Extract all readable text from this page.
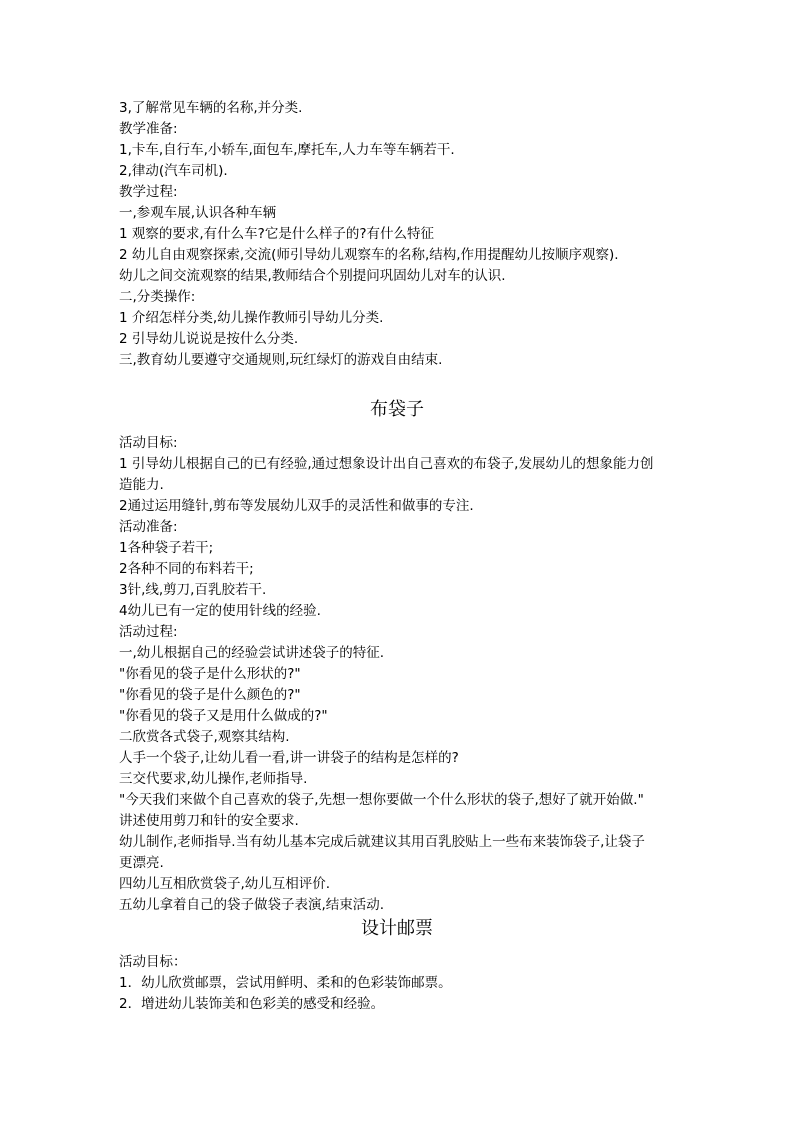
3,了解常见车辆的名称,并分类.
教学准备:
1,卡车,自行车,小轿车,面包车,摩托车,人力车等车辆若干.
2,律动(汽车司机).
教学过程:
一,参观车展,认识各种车辆
1 观察的要求,有什么车?它是什么样子的?有什么特征
2 幼儿自由观察探索,交流(师引导幼儿观察车的名称,结构,作用提醒幼儿按顺序观察).
幼儿之间交流观察的结果,教师结合个别提问巩固幼儿对车的认识.
二,分类操作:
1 介绍怎样分类,幼儿操作教师引导幼儿分类.
2 引导幼儿说说是按什么分类.
三,教育幼儿要遵守交通规则,玩红绿灯的游戏自由结束.
布袋子
活动目标:
1 引导幼儿根据自己的已有经验,通过想象设计出自己喜欢的布袋子,发展幼儿的想象能力创
造能力.
2通过运用缝针,剪布等发展幼儿双手的灵活性和做事的专注.
活动准备:
1各种袋子若干;
2各种不同的布料若干;
3针,线,剪刀,百乳胶若干.
4幼儿已有一定的使用针线的经验.
活动过程:
一,幼儿根据自己的经验尝试讲述袋子的特征.
"你看见的袋子是什么形状的?"
"你看见的袋子是什么颜色的?"
"你看见的袋子又是用什么做成的?"
二欣赏各式袋子,观察其结构.
人手一个袋子,让幼儿看一看,讲一讲袋子的结构是怎样的?
三交代要求,幼儿操作,老师指导.
"今天我们来做个自己喜欢的袋子,先想一想你要做一个什么形状的袋子,想好了就开始做."
讲述使用剪刀和针的安全要求.
幼儿制作,老师指导.当有幼儿基本完成后就建议其用百乳胶贴上一些布来装饰袋子,让袋子
更漂亮.
四幼儿互相欣赏袋子,幼儿互相评价.
五幼儿拿着自己的袋子做袋子表演,结束活动.
设计邮票
活动目标：
1．幼儿欣赏邮票，尝试用鲜明、柔和的色彩装饰邮票。
2．增进幼儿装饰美和色彩美的感受和经验。
